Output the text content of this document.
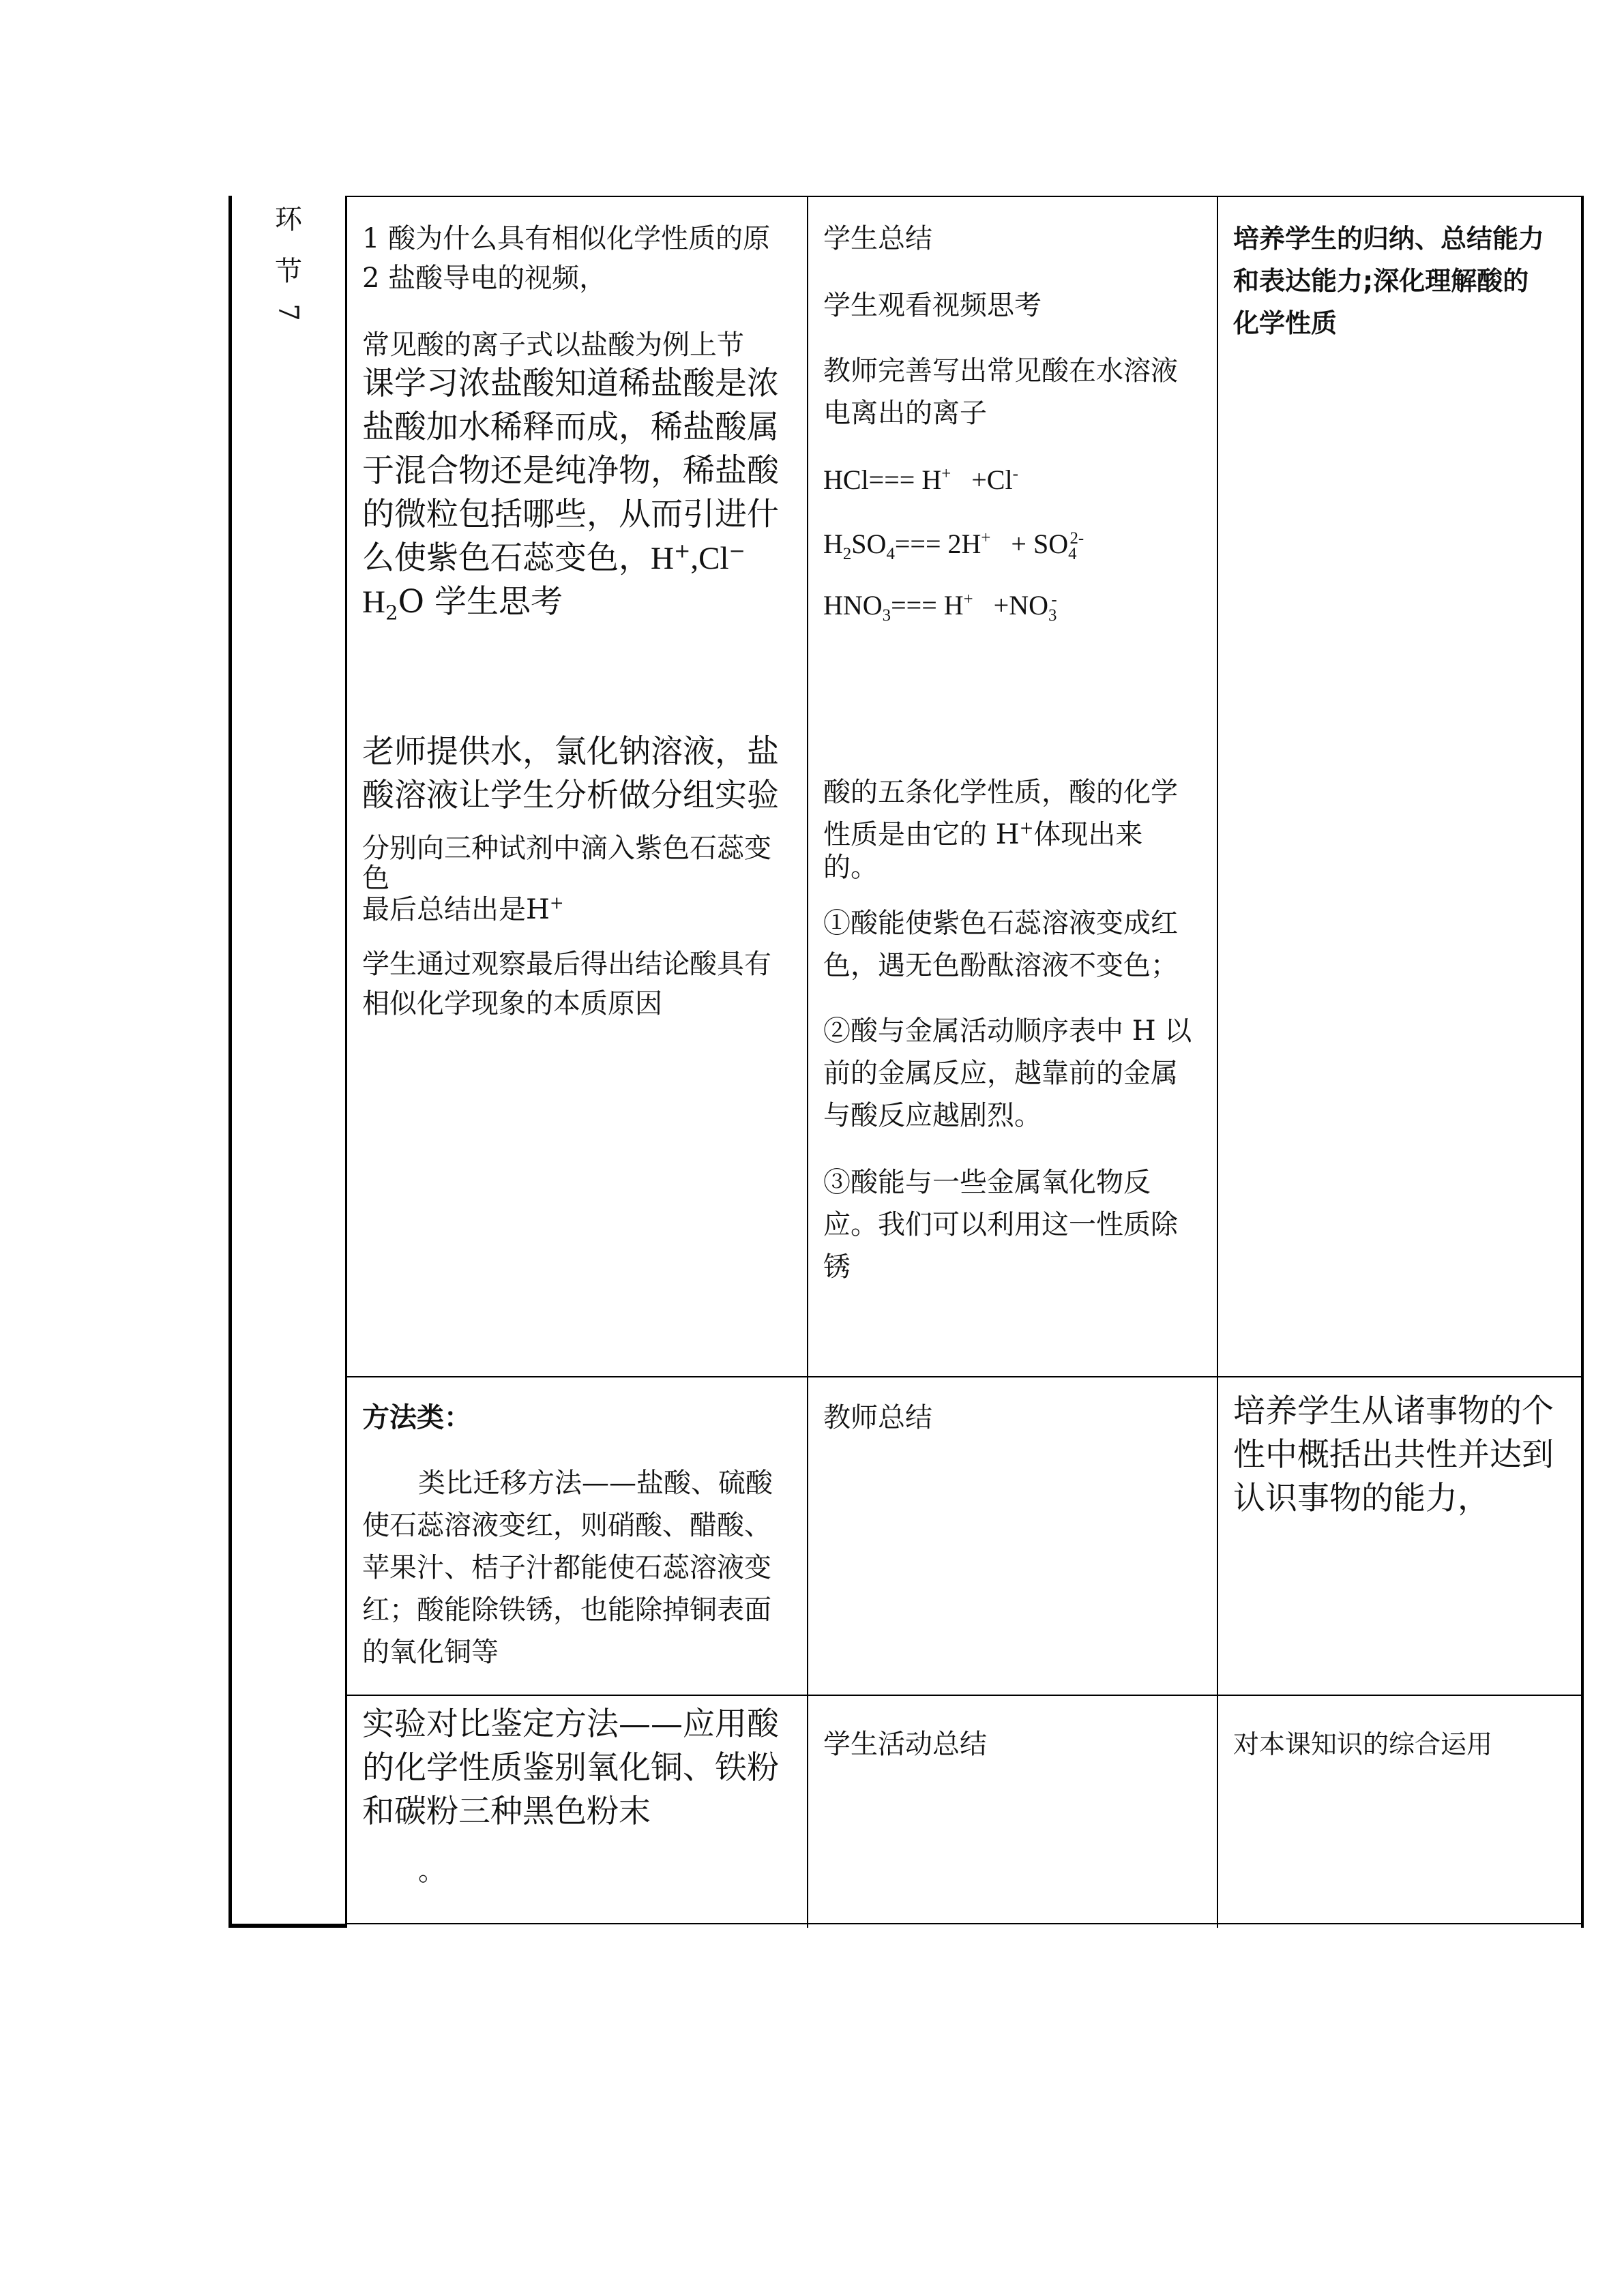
环
节
7
1 酸为什么具有相似化学性质的原
2 盐酸导电的视频，
常见酸的离子式以盐酸为例上节
课学习浓盐酸知道稀盐酸是浓
盐酸加水稀释而成，稀盐酸属
于混合物还是纯净物，稀盐酸
的微粒包括哪些，从而引进什
么使紫色石蕊变色，H+,Cl−
$H_2O$ 学生思考
老师提供水，氯化钠溶液，盐
酸溶液让学生分析做分组实验
分别向三种试剂中滴入紫色石蕊变
色
最后总结出是H+
学生通过观察最后得出结论酸具有
相似化学现象的本质原因
学生总结
学生观看视频思考
教师完善写出常见酸在水溶液
电离出的离子
HCl=== H+   +Cl-
$H_2SO_4=== 2H^+ + SO_4^{2-}$
$HNO_3=== H^+ +NO_3^-$
酸的五条化学性质，酸的化学
性质是由它的 H+体现出来
的。
①酸能使紫色石蕊溶液变成红
色，遇无色酚酞溶液不变色；
②酸与金属活动顺序表中 H 以
前的金属反应，越靠前的金属
与酸反应越剧烈。
③酸能与一些金属氧化物反
应。我们可以利用这一性质除
锈
培养学生的归纳、总结能力
和表达能力;深化理解酸的
化学性质
方法类：
类比迁移方法——盐酸、硫酸
使石蕊溶液变红，则硝酸、醋酸、
苹果汁、桔子汁都能使石蕊溶液变
红；酸能除铁锈，也能除掉铜表面
的氧化铜等
教师总结	培养学生从诸事物的个
性中概括出共性并达到
认识事物的能力，
实验对比鉴定方法——应用酸
的化学性质鉴别氧化铜、铁粉
和碳粉三种黑色粉末
。
学生活动总结	对本课知识的综合运用
